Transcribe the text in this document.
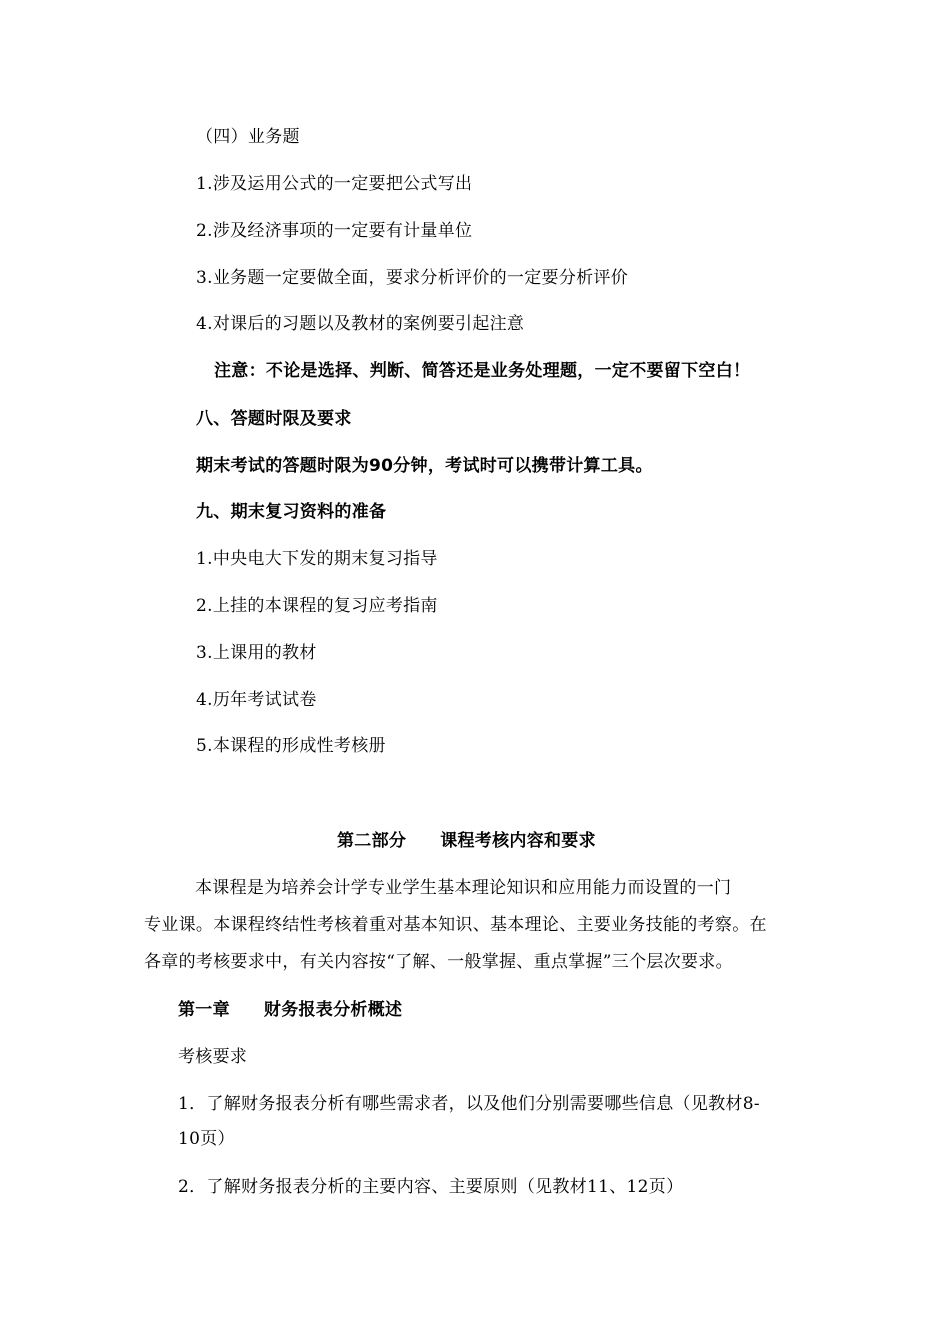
（四）业务题
1.涉及运用公式的一定要把公式写出
2.涉及经济事项的一定要有计量单位
3.业务题一定要做全面，要求分析评价的一定要分析评价
4.对课后的习题以及教材的案例要引起注意
注意：不论是选择、判断、简答还是业务处理题，一定不要留下空白！
八、答题时限及要求
期末考试的答题时限为90分钟，考试时可以携带计算工具。
九、期末复习资料的准备
1.中央电大下发的期末复习指导
2.上挂的本课程的复习应考指南
3.上课用的教材
4.历年考试试卷
5.本课程的形成性考核册
第二部分 课程考核内容和要求
本课程是为培养会计学专业学生基本理论知识和应用能力而设置的一门
专业课。本课程终结性考核着重对基本知识、基本理论、主要业务技能的考察。在
各章的考核要求中，有关内容按“了解、一般掌握、重点掌握”三个层次要求。
第一章 财务报表分析概述
考核要求
1．了解财务报表分析有哪些需求者，以及他们分别需要哪些信息（见教材8-
10页）
2．了解财务报表分析的主要内容、主要原则（见教材11、12页）
